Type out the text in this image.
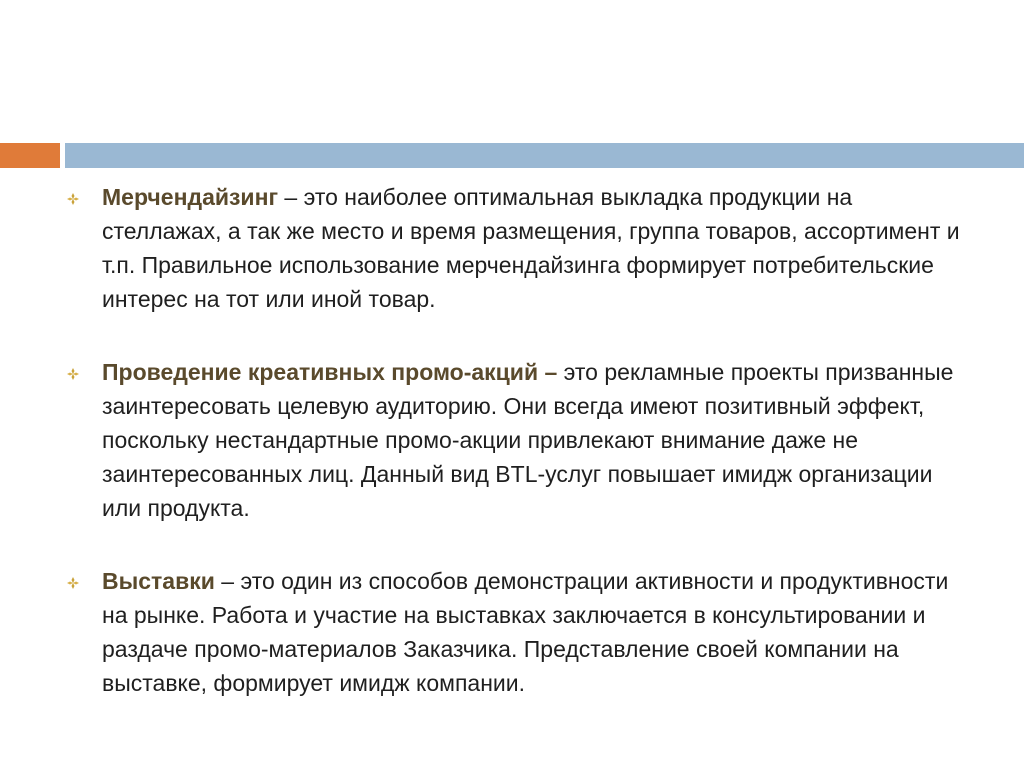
Мерчендайзинг – это наиболее оптимальная выкладка продукции на стеллажах, а так же место и время размещения, группа товаров, ассортимент и т.п. Правильное использование мерчендайзинга формирует потребительские интерес на тот или иной товар.
Проведение креативных промо-акций – это рекламные проекты призванные заинтересовать целевую аудиторию. Они всегда имеют позитивный эффект, поскольку нестандартные промо-акции привлекают внимание даже не заинтересованных лиц. Данный вид BTL-услуг повышает имидж организации или продукта.
Выставки – это один из способов демонстрации активности и продуктивности на рынке. Работа и участие на выставках заключается в консультировании и раздаче промо-материалов Заказчика. Представление своей компании на выставке, формирует имидж компании.
